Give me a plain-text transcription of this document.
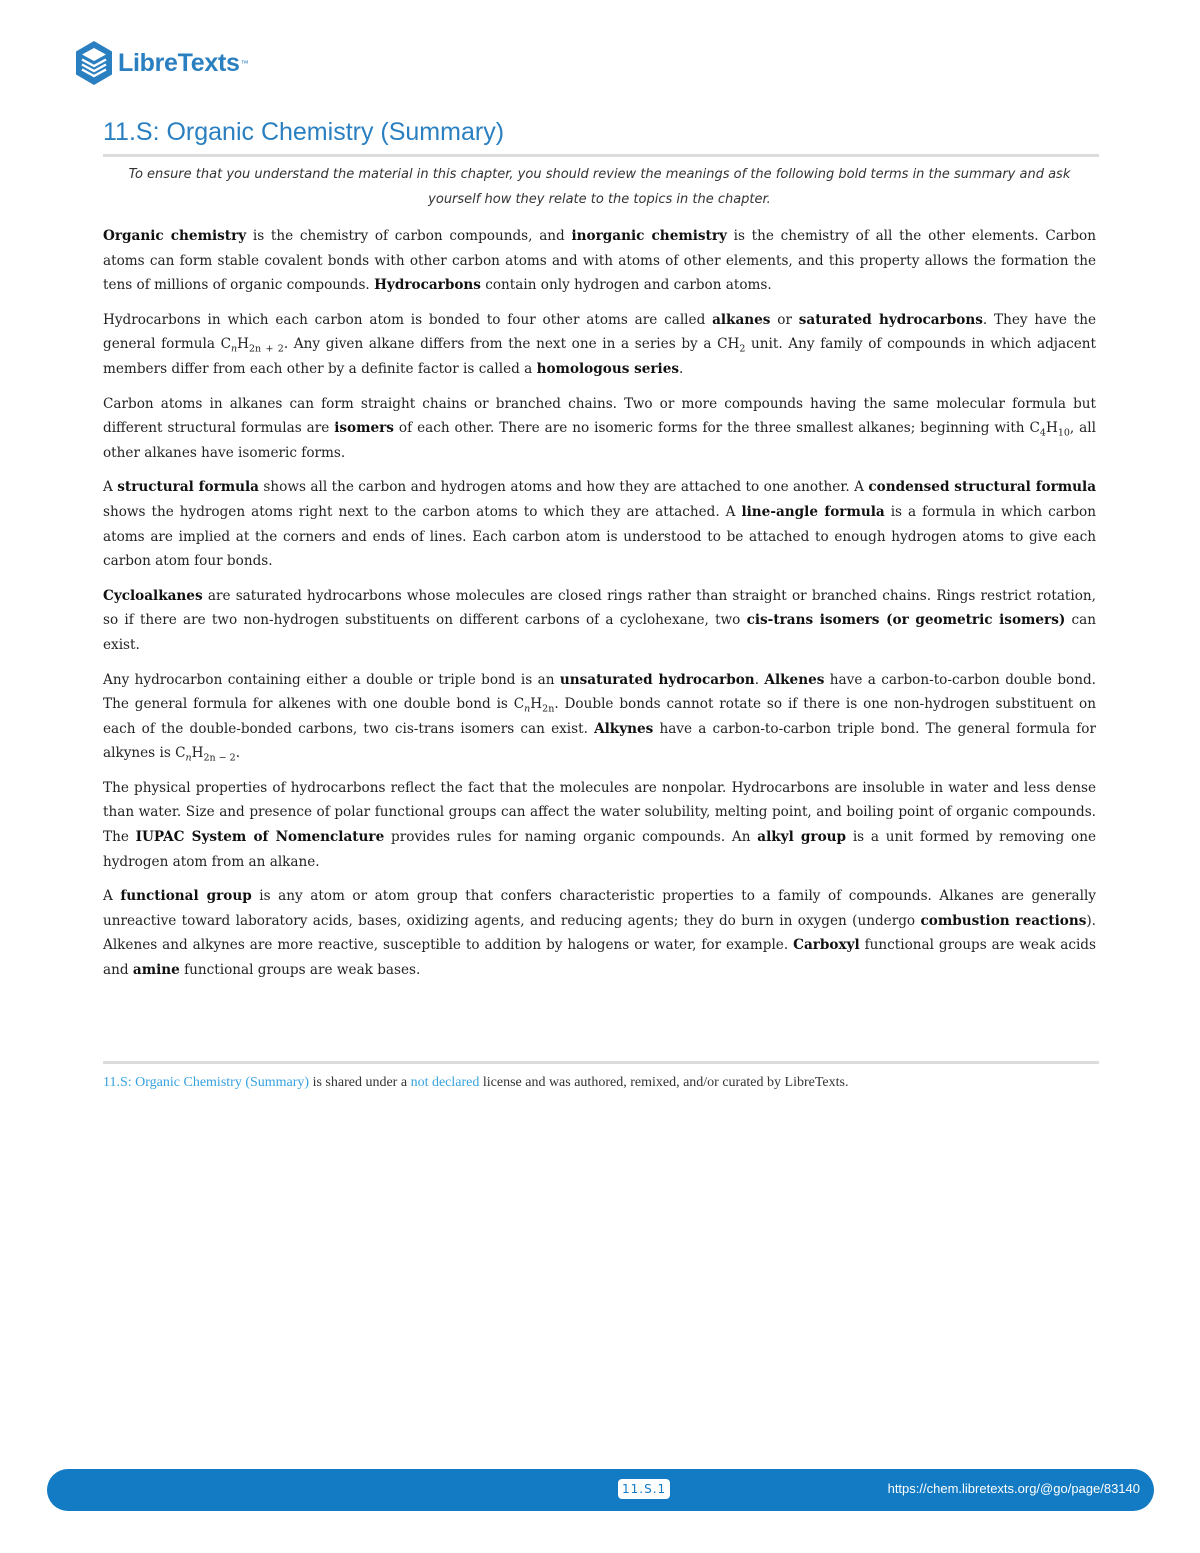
LibreTexts ™
11.S: Organic Chemistry (Summary)

To ensure that you understand the material in this chapter, you should review the meanings of the following bold terms in the summary and ask yourself how they relate to the topics in the chapter.

Organic chemistry is the chemistry of carbon compounds, and inorganic chemistry is the chemistry of all the other elements. Carbon atoms can form stable covalent bonds with other carbon atoms and with atoms of other elements, and this property allows the formation the tens of millions of organic compounds. Hydrocarbons contain only hydrogen and carbon atoms.

Hydrocarbons in which each carbon atom is bonded to four other atoms are called alkanes or saturated hydrocarbons. They have the general formula $C_nH_{2n + 2}$. Any given alkane differs from the next one in a series by a $CH_2$ unit. Any family of compounds in which adjacent members differ from each other by a definite factor is called a homologous series.

Carbon atoms in alkanes can form straight chains or branched chains. Two or more compounds having the same molecular formula but different structural formulas are isomers of each other. There are no isomeric forms for the three smallest alkanes; beginning with $C_4H_{10}$, all other alkanes have isomeric forms.

A structural formula shows all the carbon and hydrogen atoms and how they are attached to one another. A condensed structural formula shows the hydrogen atoms right next to the carbon atoms to which they are attached. A line-angle formula is a formula in which carbon atoms are implied at the corners and ends of lines. Each carbon atom is understood to be attached to enough hydrogen atoms to give each carbon atom four bonds.

Cycloalkanes are saturated hydrocarbons whose molecules are closed rings rather than straight or branched chains. Rings restrict rotation, so if there are two non-hydrogen substituents on different carbons of a cyclohexane, two cis-trans isomers (or geometric isomers) can exist.

Any hydrocarbon containing either a double or triple bond is an unsaturated hydrocarbon. Alkenes have a carbon-to-carbon double bond. The general formula for alkenes with one double bond is $C_nH_{2n}$. Double bonds cannot rotate so if there is one non-hydrogen substituent on each of the double-bonded carbons, two cis-trans isomers can exist. Alkynes have a carbon-to-carbon triple bond. The general formula for alkynes is $C_nH_{2n - 2}$.

The physical properties of hydrocarbons reflect the fact that the molecules are nonpolar. Hydrocarbons are insoluble in water and less dense than water. Size and presence of polar functional groups can affect the water solubility, melting point, and boiling point of organic compounds. The IUPAC System of Nomenclature provides rules for naming organic compounds. An alkyl group is a unit formed by removing one hydrogen atom from an alkane.

A functional group is any atom or atom group that confers characteristic properties to a family of compounds. Alkanes are generally unreactive toward laboratory acids, bases, oxidizing agents, and reducing agents; they do burn in oxygen (undergo combustion reactions). Alkenes and alkynes are more reactive, susceptible to addition by halogens or water, for example. Carboxyl functional groups are weak acids and amine functional groups are weak bases.

11.S: Organic Chemistry (Summary) is shared under a not declared license and was authored, remixed, and/or curated by LibreTexts.
11.S.1	https://chem.libretexts.org/@go/page/83140
